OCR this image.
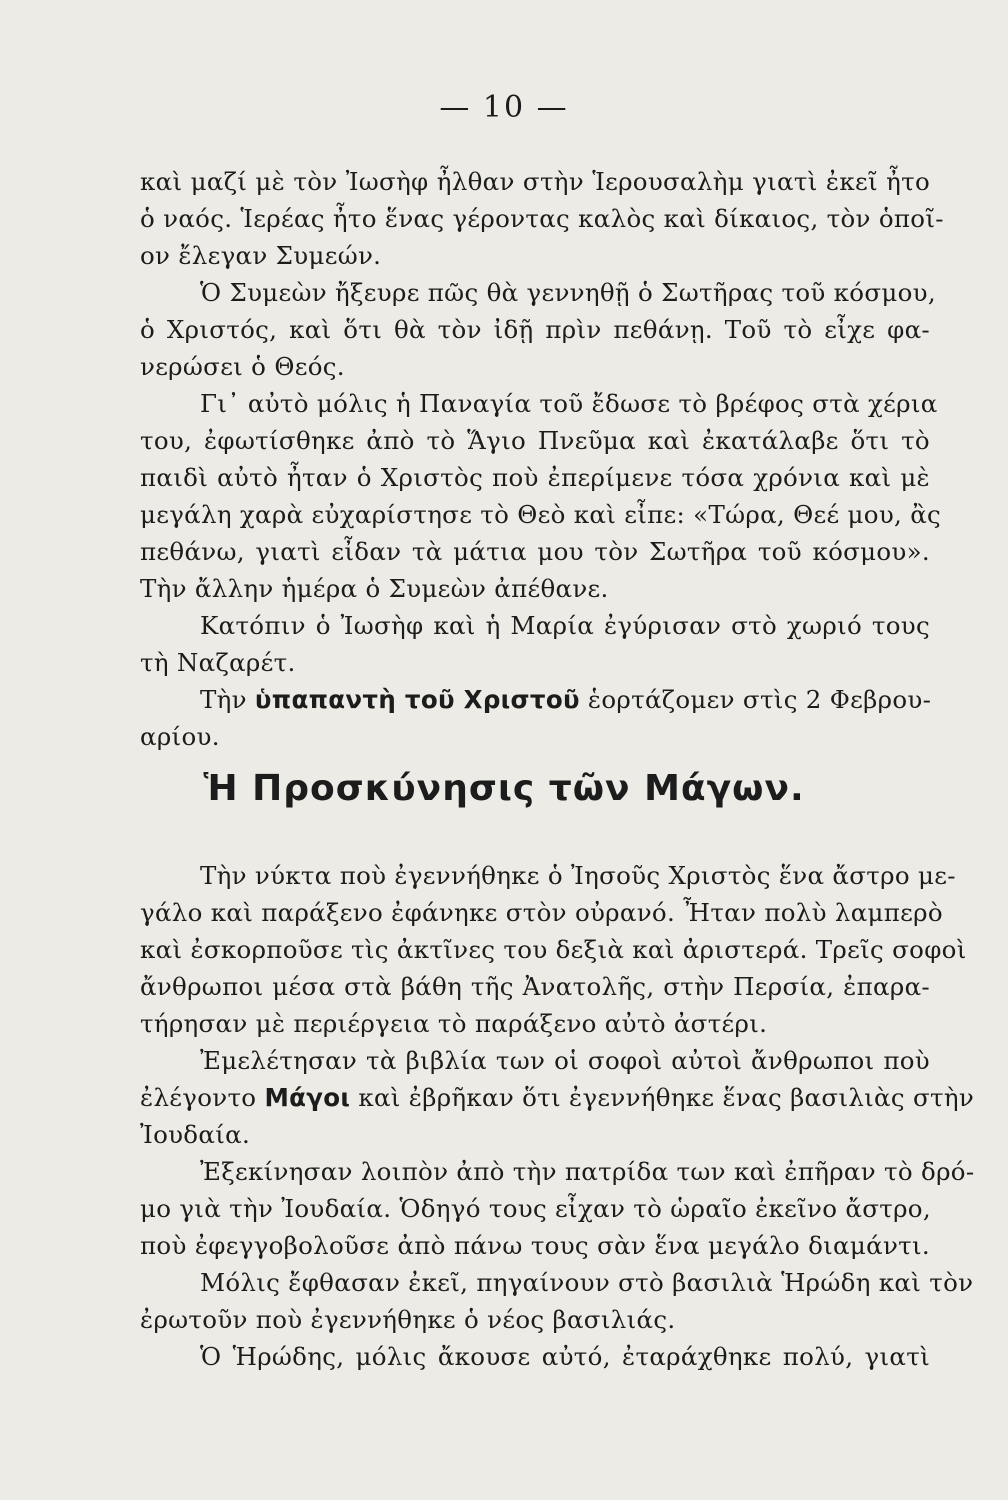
— 10 —

καὶ μαζί μὲ τὸν Ἰωσὴφ ἦλθαν στὴν Ἱερουσαλὴμ γιατὶ ἐκεῖ ἦτο

ὁ ναός. Ἱερέας ἦτο ἕνας γέροντας καλὸς καὶ δίκαιος, τὸν ὁποῖ-

ον ἔλεγαν Συμεών.

Ὁ Συμεὼν ἤξευρε πῶς θὰ γεννηθῇ ὁ Σωτῆρας τοῦ κόσμου,

ὁ Χριστός, καὶ ὅτι θὰ τὸν ἰδῇ πρὶν πεθάνῃ. Τοῦ τὸ εἶχε φα-

νερώσει ὁ Θεός.

Γι᾿ αὐτὸ μόλις ἡ Παναγία τοῦ ἔδωσε τὸ βρέφος στὰ χέρια

του, ἐφωτίσθηκε ἀπὸ τὸ Ἅγιο Πνεῦμα καὶ ἐκατάλαβε ὅτι τὸ

παιδὶ αὐτὸ ἦταν ὁ Χριστὸς ποὺ ἐπερίμενε τόσα χρόνια καὶ μὲ

μεγάλη χαρὰ εὐχαρίστησε τὸ Θεὸ καὶ εἶπε: «Τώρα, Θεέ μου, ἂς

πεθάνω, γιατὶ εἶδαν τὰ μάτια μου τὸν Σωτῆρα τοῦ κόσμου».

Τὴν ἄλλην ἡμέρα ὁ Συμεὼν ἀπέθανε.

Κατόπιν ὁ Ἰωσὴφ καὶ ἡ Μαρία ἐγύρισαν στὸ χωριό τους

τὴ Ναζαρέτ.

Τὴν ὑπαπαντὴ τοῦ Χριστοῦ ἑορτάζομεν στὶς 2 Φεβρου-

αρίου.

Ἡ Προσκύνησις τῶν Μάγων.

Τὴν νύκτα ποὺ ἐγεννήθηκε ὁ Ἰησοῦς Χριστὸς ἕνα ἄστρο με-

γάλο καὶ παράξενο ἐφάνηκε στὸν οὐρανό. Ἦταν πολὺ λαμπερὸ

καὶ ἐσκορποῦσε τὶς ἀκτῖνες του δεξιὰ καὶ ἀριστερά. Τρεῖς σοφοὶ

ἄνθρωποι μέσα στὰ βάθη τῆς Ἀνατολῆς, στὴν Περσία, ἐπαρα-

τήρησαν μὲ περιέργεια τὸ παράξενο αὐτὸ ἀστέρι.

Ἐμελέτησαν τὰ βιβλία των οἱ σοφοὶ αὐτοὶ ἄνθρωποι ποὺ

ἐλέγοντο Μάγοι καὶ ἐβρῆκαν ὅτι ἐγεννήθηκε ἕνας βασιλιὰς στὴν

Ἰουδαία.

Ἐξεκίνησαν λοιπὸν ἀπὸ τὴν πατρίδα των καὶ ἐπῆραν τὸ δρό-

μο γιὰ τὴν Ἰουδαία. Ὁδηγό τους εἶχαν τὸ ὡραῖο ἐκεῖνο ἄστρο,

ποὺ ἐφεγγοβολοῦσε ἀπὸ πάνω τους σὰν ἕνα μεγάλο διαμάντι.

Μόλις ἔφθασαν ἐκεῖ, πηγαίνουν στὸ βασιλιὰ Ἡρώδη καὶ τὸν

ἐρωτοῦν ποὺ ἐγεννήθηκε ὁ νέος βασιλιάς.

Ὁ Ἡρώδης, μόλις ἄκουσε αὐτό, ἐταράχθηκε πολύ, γιατὶ
